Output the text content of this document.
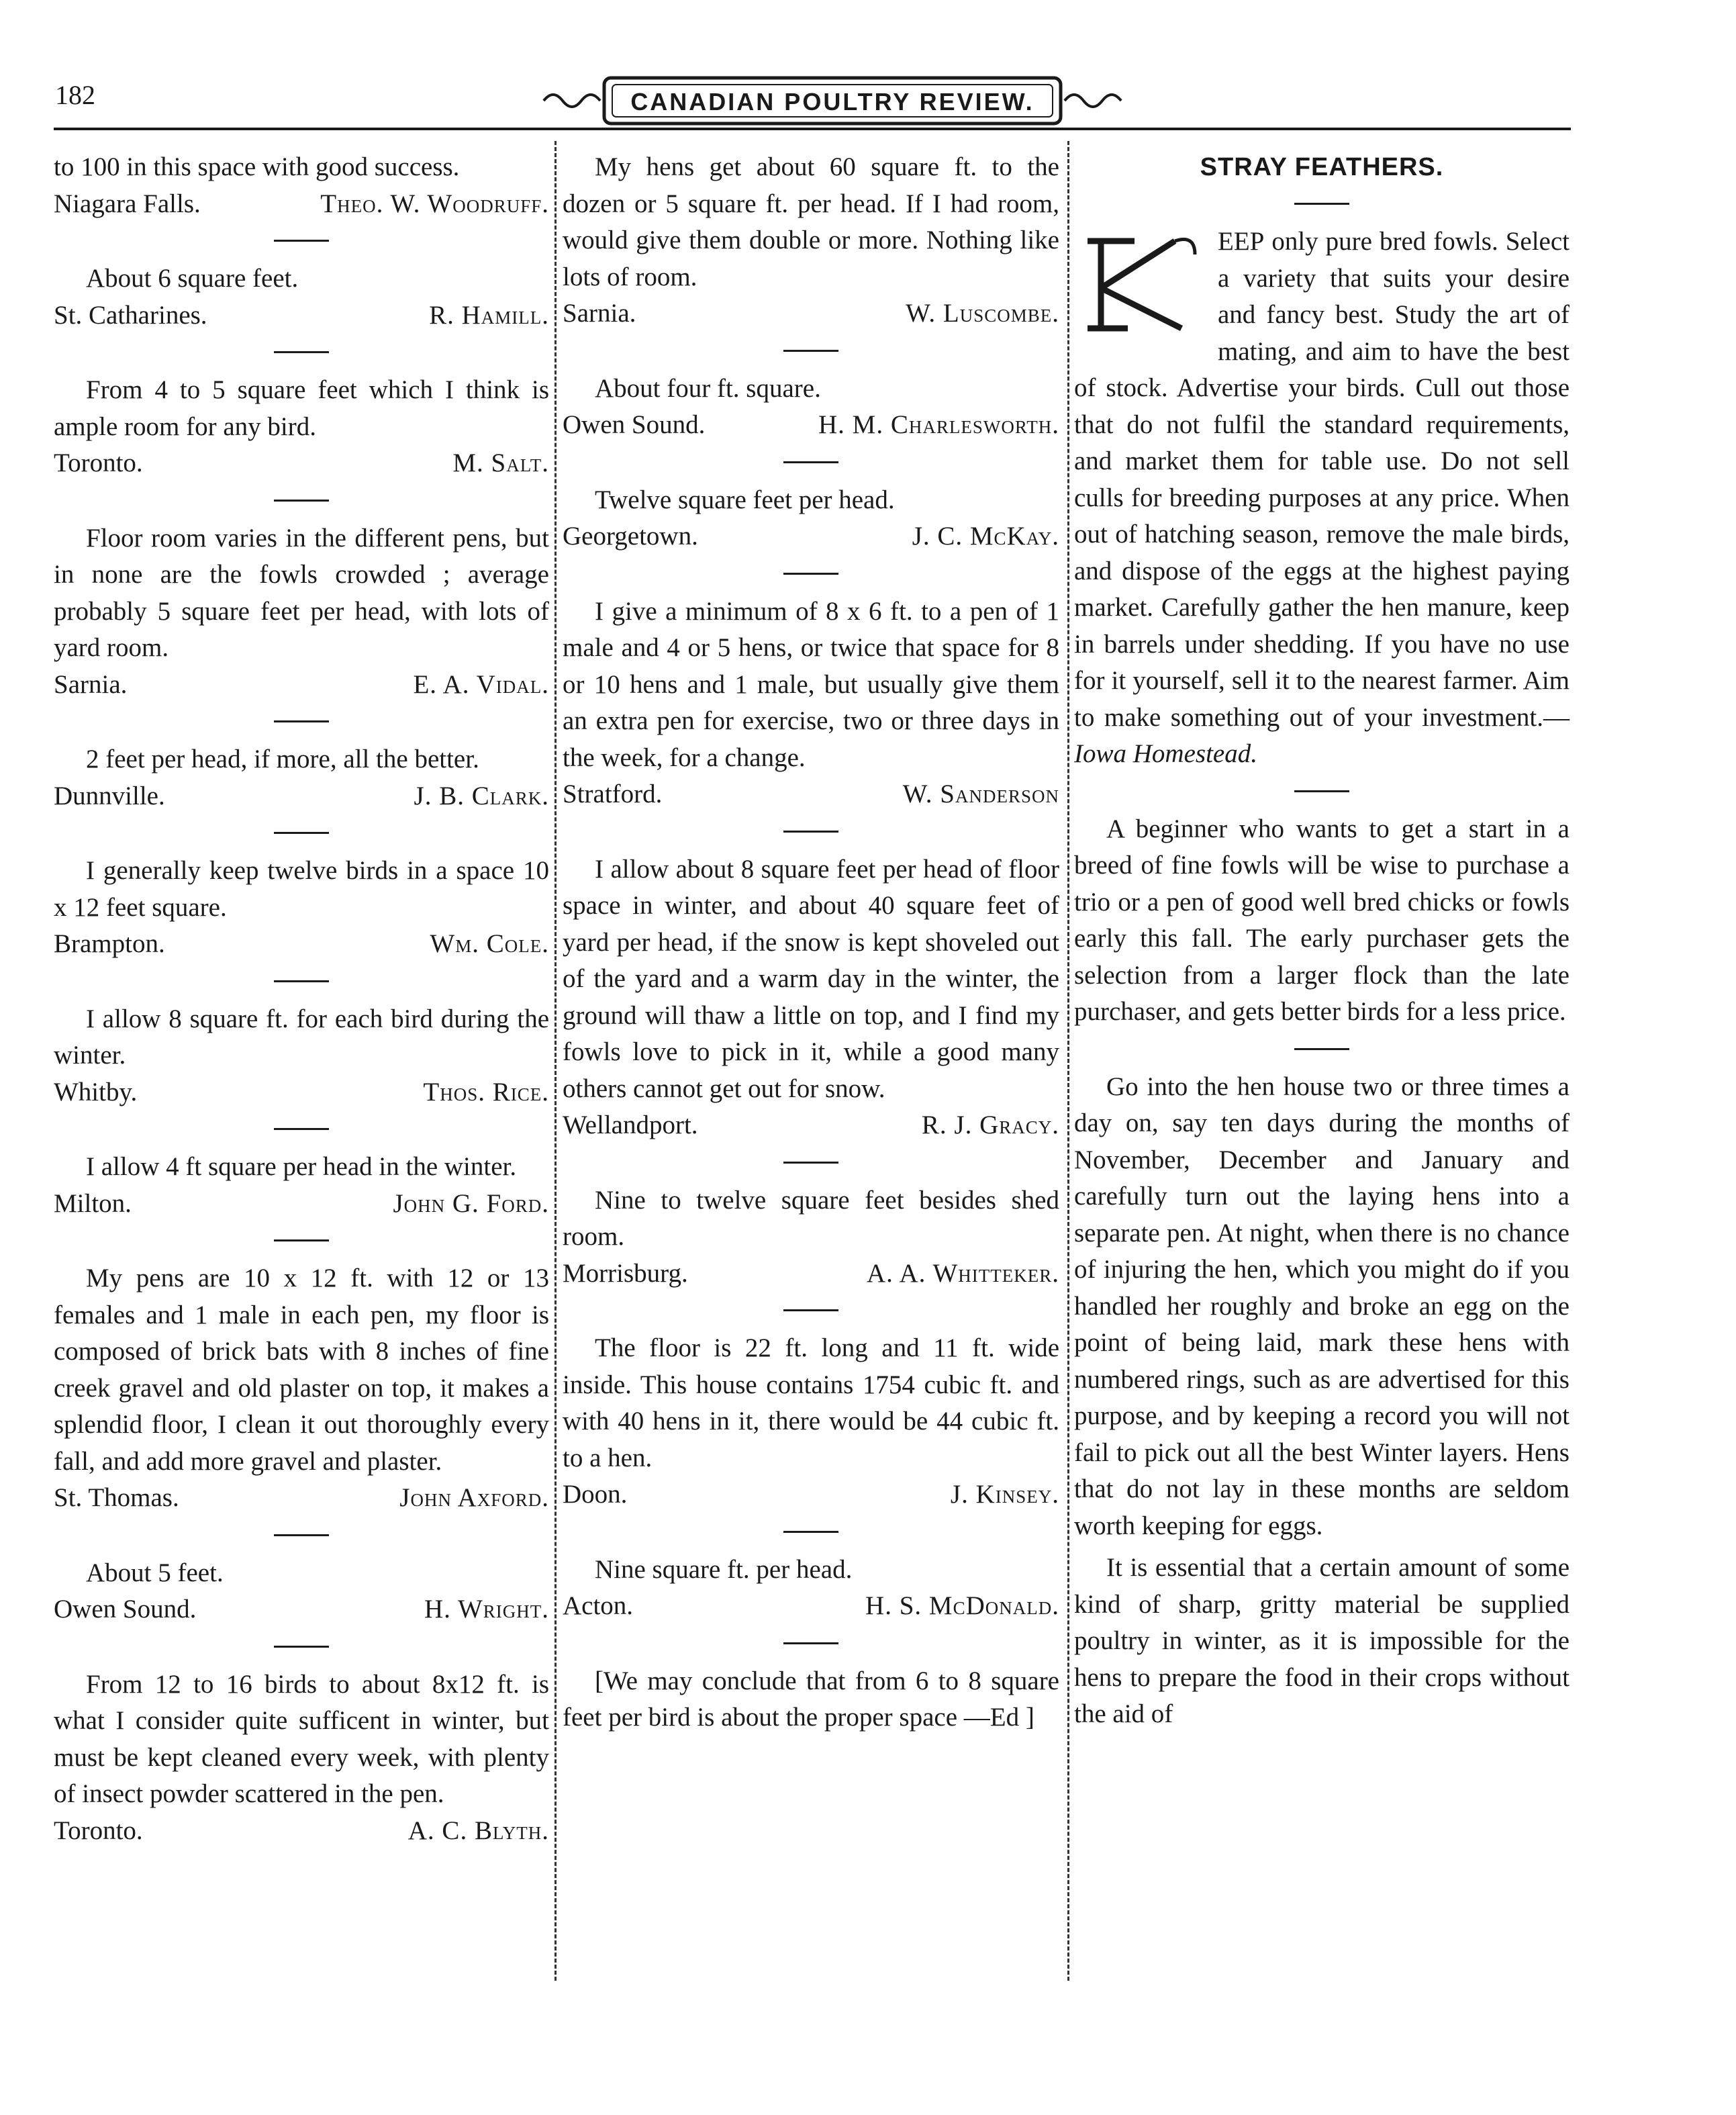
182	CANADIAN POULTRY REVIEW.

to 100 in this space with good success.

Niagara Falls.	Theo. W. Woodruff.

About 6 square feet.

St. Catharines.	R. Hamill.

From 4 to 5 square feet which I think is ample room for any bird.

Toronto.	M. Salt.

Floor room varies in the different pens, but in none are the fowls crowded ; average probably 5 square feet per head, with lots of yard room.

Sarnia.	E. A. Vidal.

2 feet per head, if more, all the better.

Dunnville.	J. B. Clark.

I generally keep twelve birds in a space 10 x 12 feet square.

Brampton.	Wm. Cole.

I allow 8 square ft. for each bird during the winter.

Whitby.	Thos. Rice.

I allow 4 ft square per head in the winter.

Milton.	John G. Ford.

My pens are 10 x 12 ft. with 12 or 13 females and 1 male in each pen, my floor is composed of brick bats with 8 inches of fine creek gravel and old plaster on top, it makes a splendid floor, I clean it out thoroughly every fall, and add more gravel and plaster.

St. Thomas.	John Axford.

About 5 feet.

Owen Sound.	H. Wright.

From 12 to 16 birds to about 8x12 ft. is what I consider quite sufficent in winter, but must be kept cleaned every week, with plenty of insect powder scattered in the pen.

Toronto.	A. C. Blyth.

My hens get about 60 square ft. to the dozen or 5 square ft. per head. If I had room, would give them double or more. Nothing like lots of room.

Sarnia.	W. Luscombe.

About four ft. square.

Owen Sound.	H. M. Charlesworth.

Twelve square feet per head.

Georgetown.	J. C. McKay.

I give a minimum of 8 x 6 ft. to a pen of 1 male and 4 or 5 hens, or twice that space for 8 or 10 hens and 1 male, but usually give them an extra pen for exercise, two or three days in the week, for a change.

Stratford.	W. Sanderson

I allow about 8 square feet per head of floor space in winter, and about 40 square feet of yard per head, if the snow is kept shoveled out of the yard and a warm day in the winter, the ground will thaw a little on top, and I find my fowls love to pick in it, while a good many others cannot get out for snow.

Wellandport.	R. J. Gracy.

Nine to twelve square feet besides shed room.

Morrisburg.	A. A. Whitteker.

The floor is 22 ft. long and 11 ft. wide inside. This house contains 1754 cubic ft. and with 40 hens in it, there would be 44 cubic ft. to a hen.

Doon.	J. Kinsey.

Nine square ft. per head.

Acton.	H. S. McDonald.

[We may conclude that from 6 to 8 square feet per bird is about the proper space —Ed ]

STRAY FEATHERS.

EEP only pure bred fowls. Select a variety that suits your desire and fancy best. Study the art of mating, and aim to have the best of stock. Advertise your birds. Cull out those that do not fulfil the standard requirements, and market them for table use. Do not sell culls for breeding purposes at any price. When out of hatching season, remove the male birds, and dispose of the eggs at the highest paying market. Carefully gather the hen manure, keep in barrels under shedding. If you have no use for it yourself, sell it to the nearest farmer. Aim to make something out of your investment.—Iowa Homestead.

A beginner who wants to get a start in a breed of fine fowls will be wise to purchase a trio or a pen of good well bred chicks or fowls early this fall. The early purchaser gets the selection from a larger flock than the late purchaser, and gets better birds for a less price.

Go into the hen house two or three times a day on, say ten days during the months of November, December and January and carefully turn out the laying hens into a separate pen. At night, when there is no chance of injuring the hen, which you might do if you handled her roughly and broke an egg on the point of being laid, mark these hens with numbered rings, such as are advertised for this purpose, and by keeping a record you will not fail to pick out all the best Winter layers. Hens that do not lay in these months are seldom worth keeping for eggs.

It is essential that a certain amount of some kind of sharp, gritty material be supplied poultry in winter, as it is impossible for the hens to prepare the food in their crops without the aid of
